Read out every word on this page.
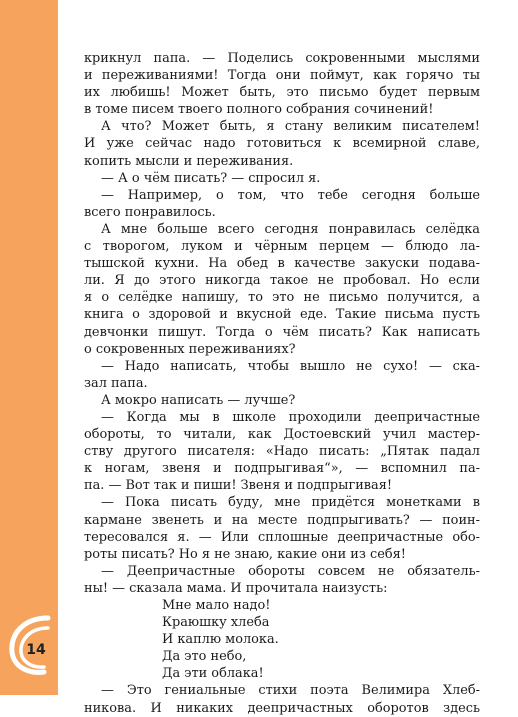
14
крикнул папа. — Поделись сокровенными мыслями
и переживаниями! Тогда они поймут, как горячо ты
их любишь! Может быть, это письмо будет первым
в томе писем твоего полного собрания сочинений!
А что? Может быть, я стану великим писателем!
И уже сейчас надо готовиться к всемирной славе,
копить мысли и переживания.
— А о чём писать? — спросил я.
— Например, о том, что тебе сегодня больше
всего понравилось.
А мне больше всего сегодня понравилась селёдка
с творогом, луком и чёрным перцем — блюдо ла-
тышской кухни. На обед в качестве закуски подава-
ли. Я до этого никогда такое не пробовал. Но если
я о селёдке напишу, то это не письмо получится, а
книга о здоровой и вкусной еде. Такие письма пусть
девчонки пишут. Тогда о чём писать? Как написать
о сокровенных переживаниях?
— Надо написать, чтобы вышло не сухо! — ска-
зал папа.
А мокро написать — лучше?
— Когда мы в школе проходили деепричастные
обороты, то читали, как Достоевский учил мастер-
ству другого писателя: «Надо писать: „Пятак падал
к ногам, звеня и подпрыгивая“», — вспомнил па-
па. — Вот так и пиши! Звеня и подпрыгивая!
— Пока писать буду, мне придётся монетками в
кармане звенеть и на месте подпрыгивать? — поин-
тересовался я. — Или сплошные деепричастные обо-
роты писать? Но я не знаю, какие они из себя!
— Деепричастные обороты совсем не обязатель-
ны! — сказала мама. И прочитала наизусть:
Мне мало надо!
Краюшку хлеба
И каплю молока.
Да это небо,
Да эти облака!
— Это гениальные стихи поэта Велимира Хлеб-
никова. И никаких деепричастных оборотов здесь
